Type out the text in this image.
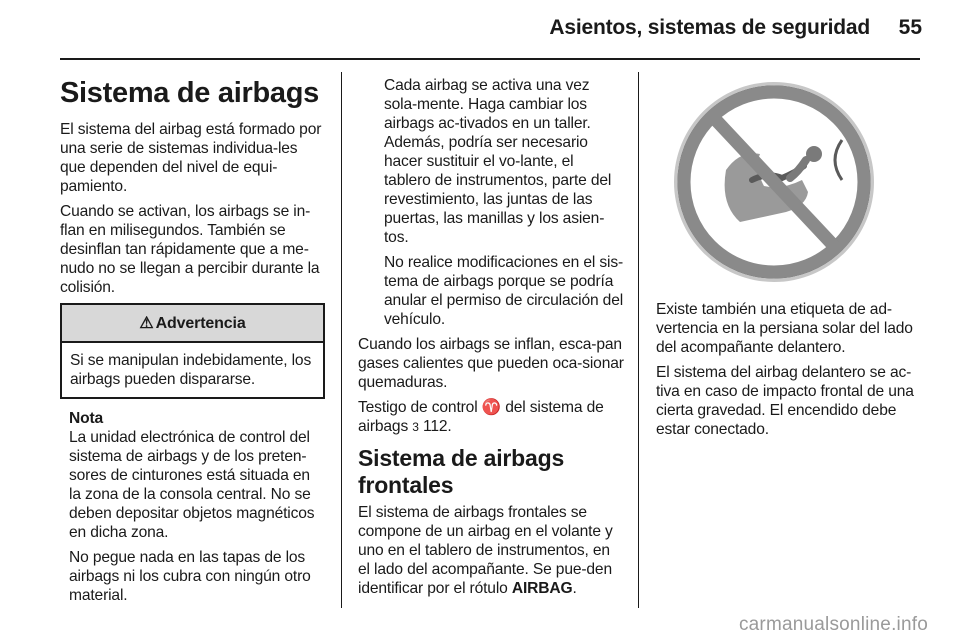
Asientos, sistemas de seguridad	55
Sistema de airbags

El sistema del airbag está formado por una serie de sistemas individua-les que dependen del nivel de equi-pamiento.

Cuando se activan, los airbags se in-flan en milisegundos. También se desinflan tan rápidamente que a me-nudo no se llegan a percibir durante la colisión.

⚠ Advertencia
Si se manipulan indebidamente, los airbags pueden dispararse.
Nota

La unidad electrónica de control del sistema de airbags y de los preten-sores de cinturones está situada en la zona de la consola central. No se deben depositar objetos magnéticos en dicha zona.

No pegue nada en las tapas de los airbags ni los cubra con ningún otro material.

Cada airbag se activa una vez sola-mente. Haga cambiar los airbags ac-tivados en un taller. Además, podría ser necesario hacer sustituir el vo-lante, el tablero de instrumentos, parte del revestimiento, las juntas de las puertas, las manillas y los asien-tos.

No realice modificaciones en el sis-tema de airbags porque se podría anular el permiso de circulación del vehículo.

Cuando los airbags se inflan, esca-pan gases calientes que pueden oca-sionar quemaduras.

Testigo de control ♈ del sistema de airbags 3 112.

Sistema de airbags frontales

El sistema de airbags frontales se compone de un airbag en el volante y uno en el tablero de instrumentos, en el lado del acompañante. Se pue-den identificar por el rótulo AIRBAG.

Existe también una etiqueta de ad-vertencia en la persiana solar del lado del acompañante delantero.

El sistema del airbag delantero se ac-tiva en caso de impacto frontal de una cierta gravedad. El encendido debe estar conectado.

carmanualsonline.info
